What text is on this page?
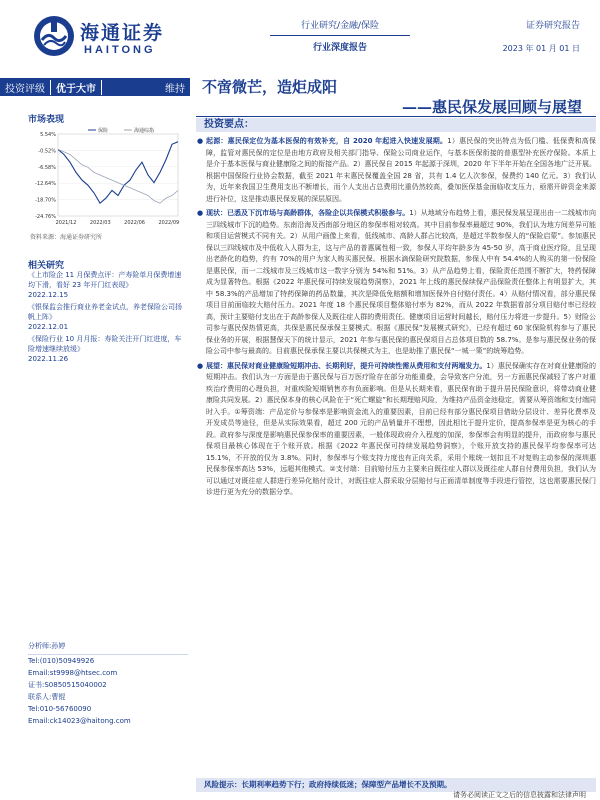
海通证券
HAITONG
行业研究/金融/保险
行业深度报告
证券研究报告
2023 年 01 月 01 日
投资评级	优于大市	维持	不啻微芒，造炬成阳
——惠民保发展回顾与展望
市场表现
5.54%
-0.52%
-6.58%
-12.64%
-18.70%
-24.76%
2021/12	2022/03	2022/06	2022/09
保险	海通综指
资料来源：海通证券研究所
相关研究
《上市险企 11 月保费点评：产寿险单月保费增速均下滑，看好 23 年开门红表现》
2022.12.15
《银保监会推行商业养老金试点，养老保险公司扬帆上阵》
2022.12.01
《保险行业 10 月月报：寿险关注开门红进度，车险增速继续放缓》
2022.11.26
分析师:孙婷
Tel:(010)50949926
Email:st9998@htsec.com
证书:S0850515040002
联系人:曹锟
Tel:010-56760090
Email:ck14023@haitong.com
投资要点：
● 起源：惠民保定位为基本医保的有效补充，自 2020 年起进入快速发展期。1）惠民保的突出特点为低门槛、低保费和高保障，监管对惠民保的定位是由地方政府及相关部门指导、保险公司商业运作，与基本医保衔接的普惠型补充医疗保险。本质上是介于基本医保与商业健康险之间的衔接产品。2）惠民保自 2015 年起源于深圳，2020 年下半年开始在全国各地广泛开展。根据中国保险行业协会数据，截至 2021 年末惠民保覆盖全国 28 省，共有 1.4 亿人次参保，保费约 140 亿元。3）我们认为，近年来我国卫生费用支出不断增长，而个人支出占总费用比重仍然较高，叠加医保基金面临收支压力，亟需开辟资金来源进行补位，这是推动惠民保发展的深层原因。
● 现状：已悉及下沉市场与高龄群体，各险企以共保模式积极参与。1）从地域分布趋势上看，惠民保发展呈现出由一二线城市向三四线城市下沉的趋势。东南沿海及西南部分地区的参保率相对较高。其中目前参保率最超过 90%，我们认为地方间差异可能和项目运营模式不同有关。2）从用户画像上来看，低线城市、高龄人群占比较高，是超过半数参保人的“保险启蒙”。参加惠民保以三四线城市及中低收入人群为主，这与产品的普惠属性相一致，参保人平均年龄多为 45-50 岁，高于商业医疗险，且呈现出老龄化的趋势，约有 70%的用户为家人购买惠民保。根据水滴保险研究院数据，参保人中有 54.4%的人购买的第一份保险是惠民保，而一二线城市及三线城市这一数字分别为 54%和 51%。3）从产品趋势上看，保险责任范围不断扩大，特药保障成为显著特色。根据《2022 年惠民保可持续发展趋势洞察》，2021 年上线的惠民保续保产品保险责任整体上有明显扩大，其中 58.3%的产品增加了特药保障的药品数量，其次是降低免赔额和增加医保外自付赔付责任。4）从赔付情况看，部分惠民保项目目前面临较大赔付压力。2021 年度 18 个惠民保项目整体赔付率为 82%，而从 2022 年数据看部分项目赔付率已经较高，预计主要赔付支出在于高龄参保人及既往症人群的费用责任。健康项目运营时间越长，赔付压力将进一步提升。5）财险公司参与惠民保热情更高，共保是惠民保承保主要模式。根据《惠民保”发展模式研究》，已经有超过 60 家保险机构参与了惠民保业务的开展，根据慧保天下的统计显示，2021 年参与惠民保的惠民保项目占总体项目数的 58.7%。是参与惠民保业务的保险公司中参与最高的。目前惠民保承保主要以共保模式为主，也是助推了惠民保“一城一策”的统筹趋势。
● 展望：惠民保对商业健康险短期冲击、长期利好，提升可持续性需从费用和支付两端发力。1）惠民保确实存在对商业健康险的短期冲击。我们认为一方面是由于惠民保与百万医疗险存在部分功能重叠，会导致客户分流，另一方面惠民保减轻了客户对重疾治疗费用的心理负担，对重疾险短期销售亦有负面影响。但是从长期来看，惠民保有助于提升居民保险意识，将带动商业健康险共同发展。2）惠民保本身的核心风险在于“死亡螺旋”和长期理赔风险，为维持产品资金池稳定，需要从筹资端和支付端同时入手。①筹资端：产品定价与参保率是影响资金流入的重要因素，目前已经有部分惠民保项目借助分层设计、差异化费率及开发成员等途径，但是从实际效果看，超过 200 元的产品销量并不理想，因此相比于提升定价，提高参保率是更为核心的手段。政府参与深度是影响惠民保参保率的重要因素，一般体现政府介入程度的加深，参保率会有明显的提升，而政府参与惠民保项目最核心体现在于个账开放。根据《2022 年惠民保可持续发展趋势洞察》，个账开放支持的惠民保平均参保率可达 15.1%，不开放的仅为 3.8%。同时，参保率与个账支持力度也有正向关系，采用个账统一划扣且不对复购主动参保的深圳惠民保参保率高达 53%，远超其他模式。②支付端：目前赔付压力主要来自既往症人群以及既往症人群自付费用负担，我们认为可以通过对既往症人群进行差异化赔付设计，对既往症人群采取分层赔付与正面清单制度等手段进行管控，这也需要惠民保门诊进行更为充分的数据分享。
风险提示：长期利率趋势下行；政府持续低迷；保障型产品增长不及预期。
请务必阅读正文之后的信息披露和法律声明
